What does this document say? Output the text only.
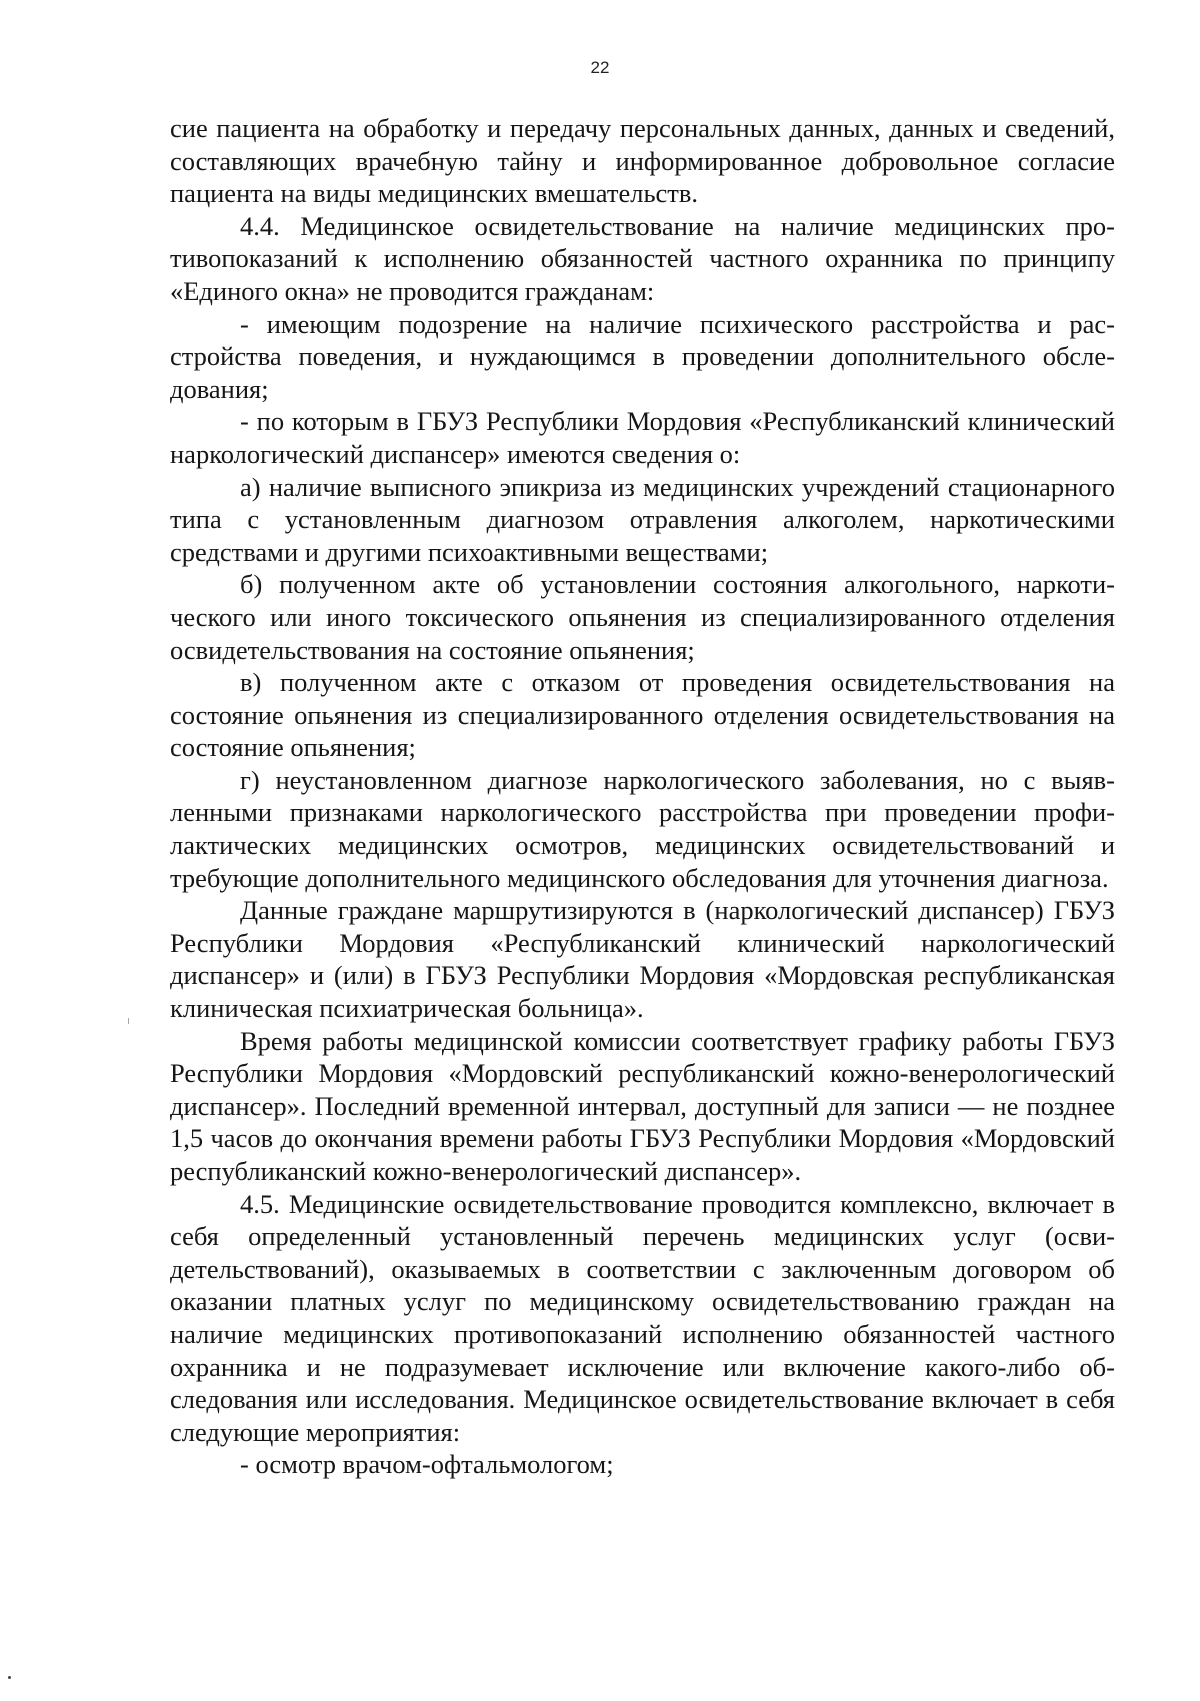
22

сие пациента на обработку и передачу персональных данных, данных и сведений, составляющих врачебную тайну и информированное добровольное согласие пациента на виды медицинских вмешательств.

4.4. Медицинское освидетельствование на наличие медицинских противопоказаний к исполнению обязанностей частного охранника по принципу «Единого окна» не проводится гражданам:

- имеющим подозрение на наличие психического расстройства и расстройства поведения, и нуждающимся в проведении дополнительного обследования;

- по которым в ГБУЗ Республики Мордовия «Республиканский клинический наркологический диспансер» имеются сведения о:

а) наличие выписного эпикриза из медицинских учреждений стационарного типа с установленным диагнозом отравления алкоголем, наркотическими средствами и другими психоактивными веществами;

б) полученном акте об установлении состояния алкогольного, наркотического или иного токсического опьянения из специализированного отделения освидетельствования на состояние опьянения;

в) полученном акте с отказом от проведения освидетельствования на состояние опьянения из специализированного отделения освидетельствования на состояние опьянения;

г) неустановленном диагнозе наркологического заболевания, но с выявленными признаками наркологического расстройства при проведении профилактических медицинских осмотров, медицинских освидетельствований и требующие дополнительного медицинского обследования для уточнения диагноза.

Данные граждане маршрутизируются в (наркологический диспансер) ГБУЗ Республики Мордовия «Республиканский клинический наркологический диспансер» и (или) в ГБУЗ Республики Мордовия «Мордовская республиканская клиническая психиатрическая больница».

Время работы медицинской комиссии соответствует графику работы ГБУЗ Республики Мордовия «Мордовский республиканский кожно-венерологический диспансер». Последний временной интервал, доступный для записи — не позднее 1,5 часов до окончания времени работы ГБУЗ Республики Мордовия «Мордовский республиканский кожно-венерологический диспансер».

4.5. Медицинские освидетельствование проводится комплексно, включает в себя определенный установленный перечень медицинских услуг (освидетельствований), оказываемых в соответствии с заключенным договором об оказании платных услуг по медицинскому освидетельствованию граждан на наличие медицинских противопоказаний исполнению обязанностей частного охранника и не подразумевает исключение или включение какого-либо обследования или исследования. Медицинское освидетельствование включает в себя следующие мероприятия:

- осмотр врачом-офтальмологом;
